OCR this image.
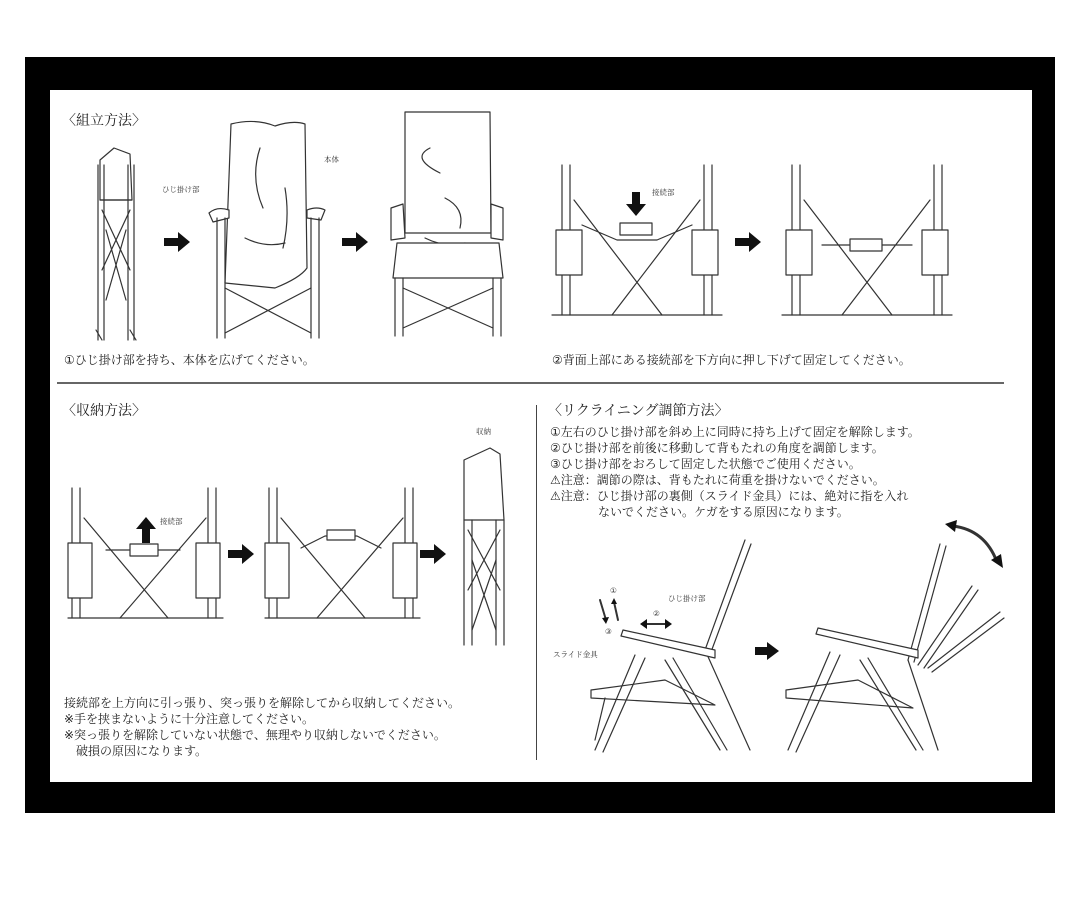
〈組立方法〉
ひじ掛け部
本体
①ひじ掛け部を持ち、本体を広げてください。
接続部
②背面上部にある接続部を下方向に押し下げて固定してください。
〈収納方法〉
接続部
収納
接続部を上方向に引っ張り、突っ張りを解除してから収納してください。
※手を挟まないように十分注意してください。
※突っ張りを解除していない状態で、無理やり収納しないでください。
　破損の原因になります。
〈リクライニング調節方法〉
①左右のひじ掛け部を斜め上に同時に持ち上げて固定を解除します。
②ひじ掛け部を前後に移動して背もたれの角度を調節します。
③ひじ掛け部をおろして固定した状態でご使用ください。
⚠注意：調節の際は、背もたれに荷重を掛けないでください。
⚠注意：ひじ掛け部の裏側（スライド金具）には、絶対に指を入れ
　　　　ないでください。ケガをする原因になります。
①
②
③
ひじ掛け部
スライド金具
